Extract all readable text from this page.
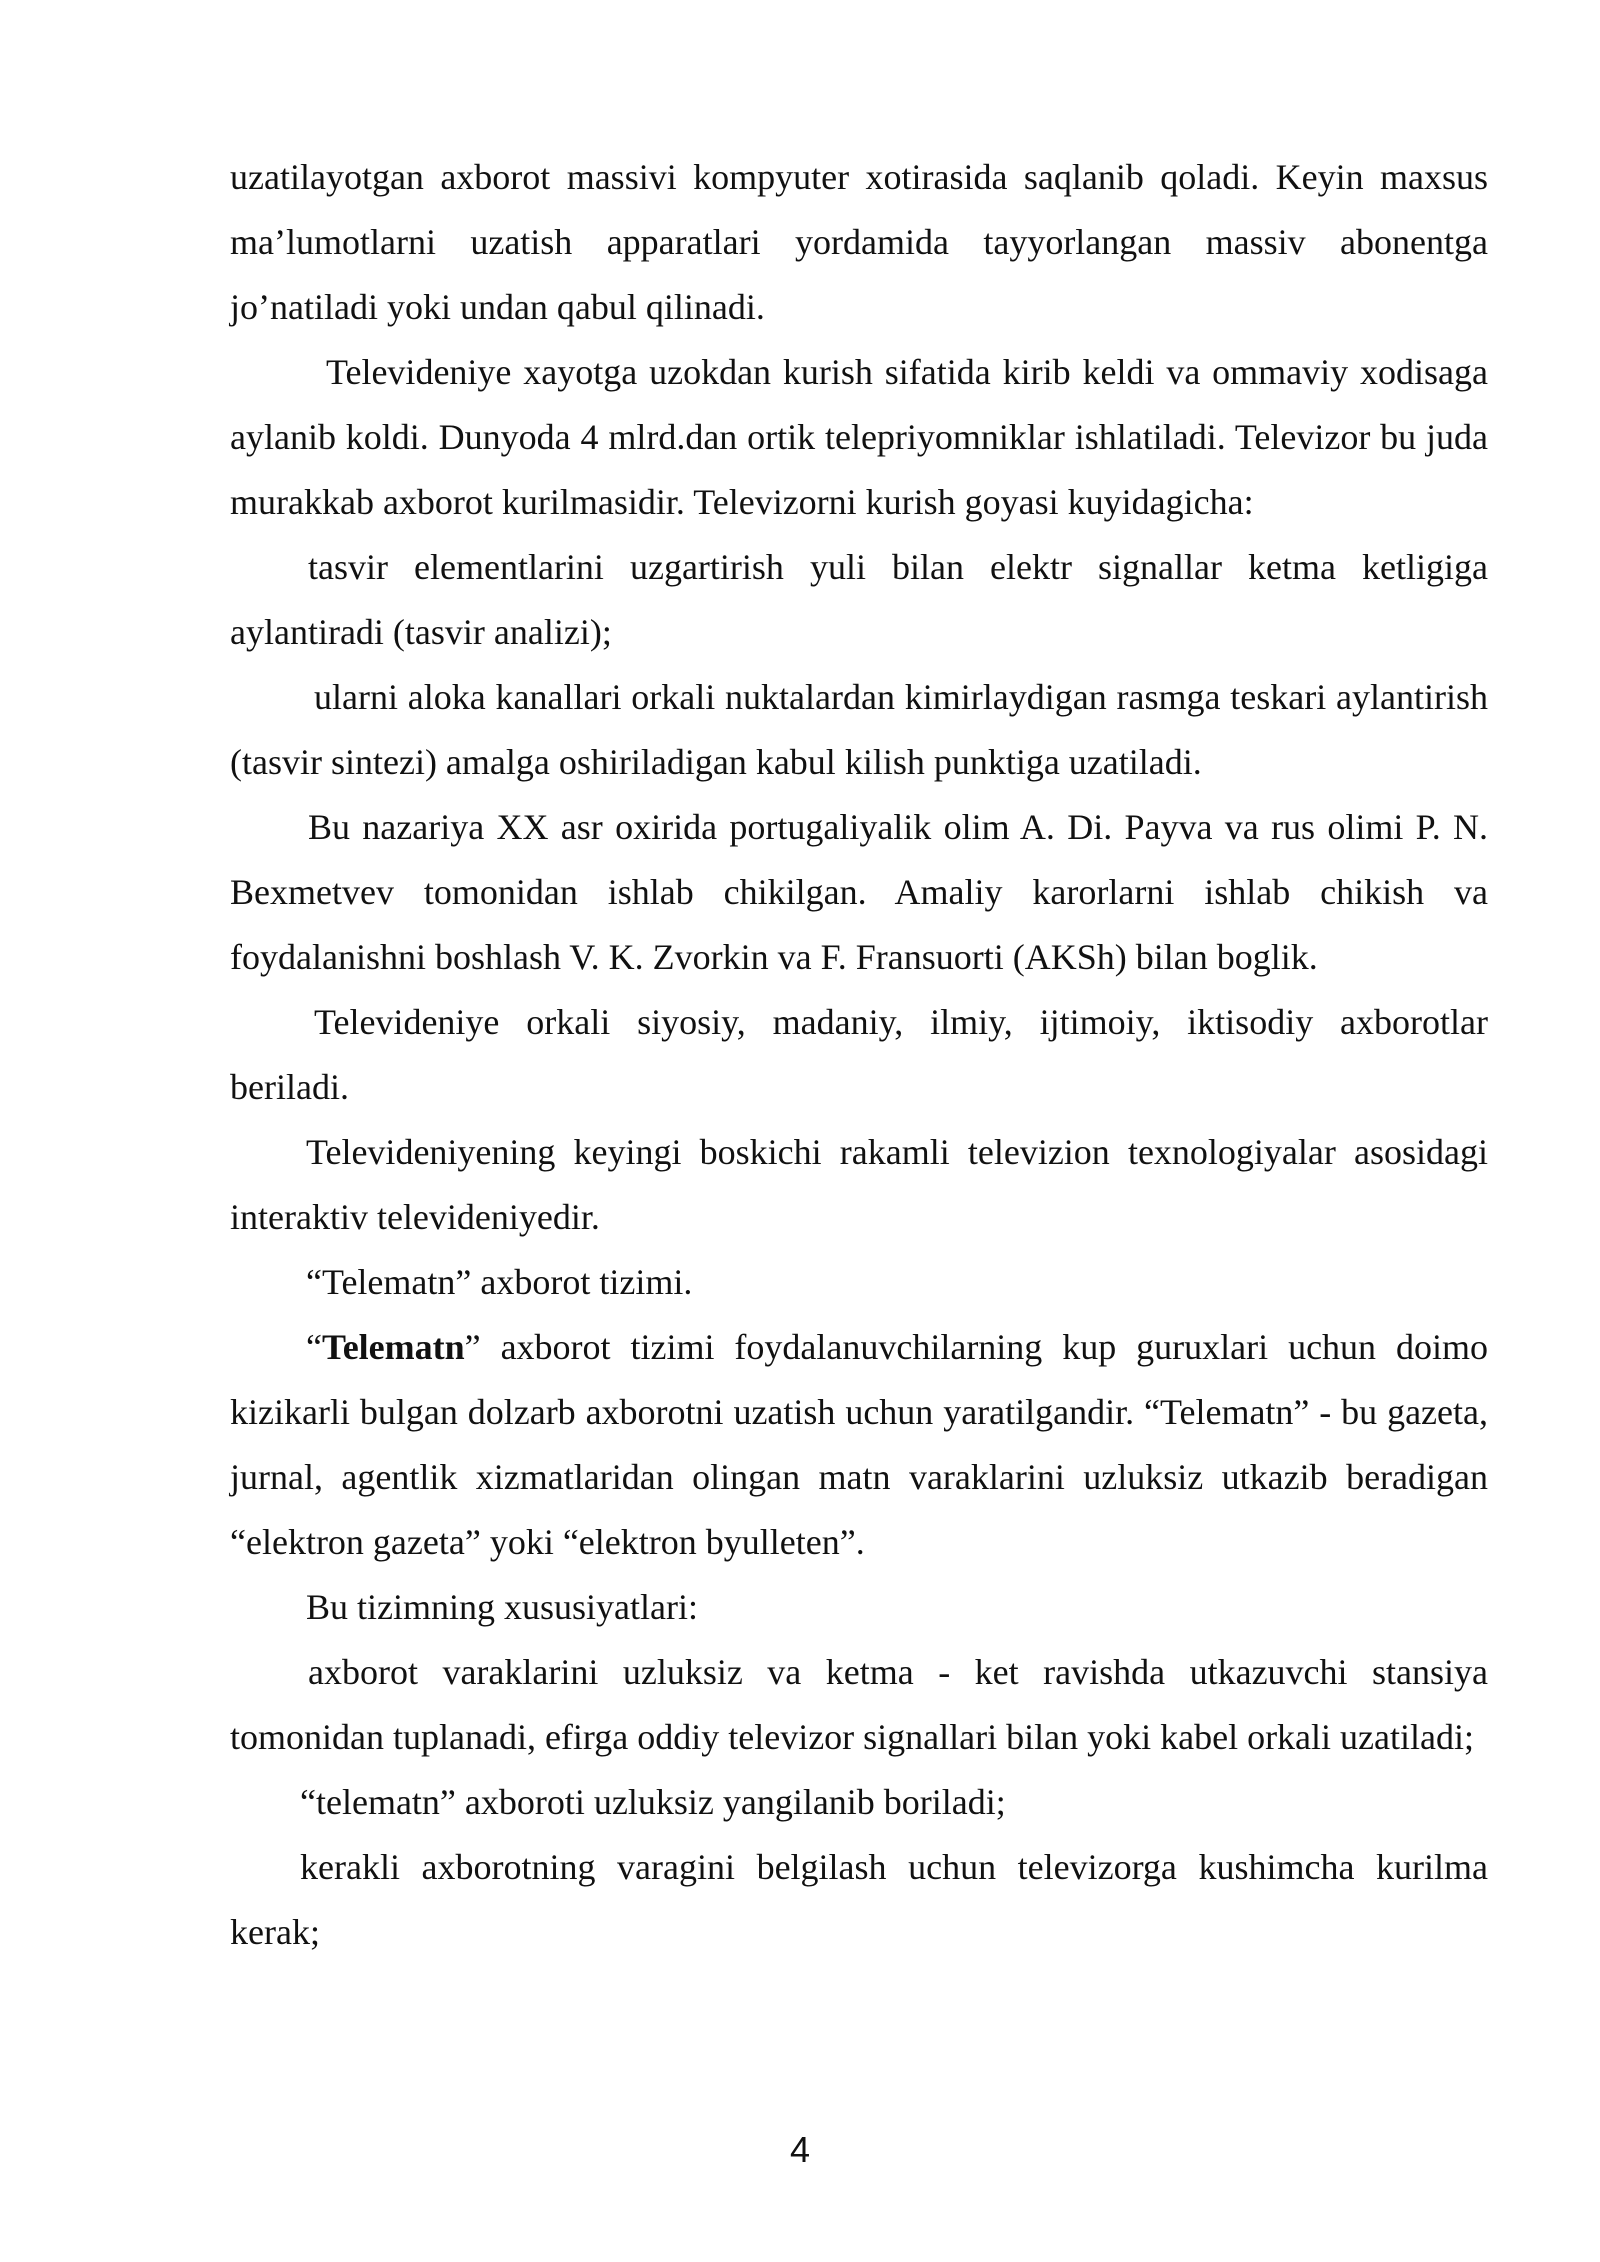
uzatilayotgan axborot massivi kompyuter xotirasida saqlanib qoladi. Keyin maxsus ma’lumotlarni uzatish apparatlari yordamida tayyorlangan massiv abonentga jo’natiladi yoki undan qabul qilinadi.

Televideniye xayotga uzokdan kurish sifatida kirib keldi va ommaviy xodisaga aylanib koldi. Dunyoda 4 mlrd.dan ortik telepriyomniklar ishlatiladi. Televizor bu juda murakkab axborot kurilmasidir. Televizorni kurish goyasi kuyidagicha:

tasvir elementlarini uzgartirish yuli bilan elektr signallar ketma ketligiga aylantiradi (tasvir analizi);

ularni aloka kanallari orkali nuktalardan kimirlaydigan rasmga teskari aylantirish (tasvir sintezi) amalga oshiriladigan kabul kilish punktiga uzatiladi.

Bu nazariya XX asr oxirida portugaliyalik olim A. Di. Payva va rus olimi P. N. Bexmetvev tomonidan ishlab chikilgan. Amaliy karorlarni ishlab chikish va foydalanishni boshlash V. K. Zvorkin va F. Fransuorti (AKSh) bilan boglik.

Televideniye orkali siyosiy, madaniy, ilmiy, ijtimoiy, iktisodiy axborotlar beriladi.

Televideniyening keyingi boskichi rakamli televizion texnologiyalar asosidagi interaktiv televideniyedir.

“Telematn” axborot tizimi.

“Telematn” axborot tizimi foydalanuvchilarning kup guruxlari uchun doimo kizikarli bulgan dolzarb axborotni uzatish uchun yaratilgandir. “Telematn” - bu gazeta, jurnal, agentlik xizmatlaridan olingan matn varaklarini uzluksiz utkazib beradigan “elektron gazeta” yoki “elektron byulleten”.

Bu tizimning xususiyatlari:

axborot varaklarini uzluksiz va ketma - ket ravishda utkazuvchi stansiya tomonidan tuplanadi, efirga oddiy televizor signallari bilan yoki kabel orkali uzatiladi;

“telematn” axboroti uzluksiz yangilanib boriladi;

kerakli axborotning varagini belgilash uchun televizorga kushimcha kurilma kerak;

4
